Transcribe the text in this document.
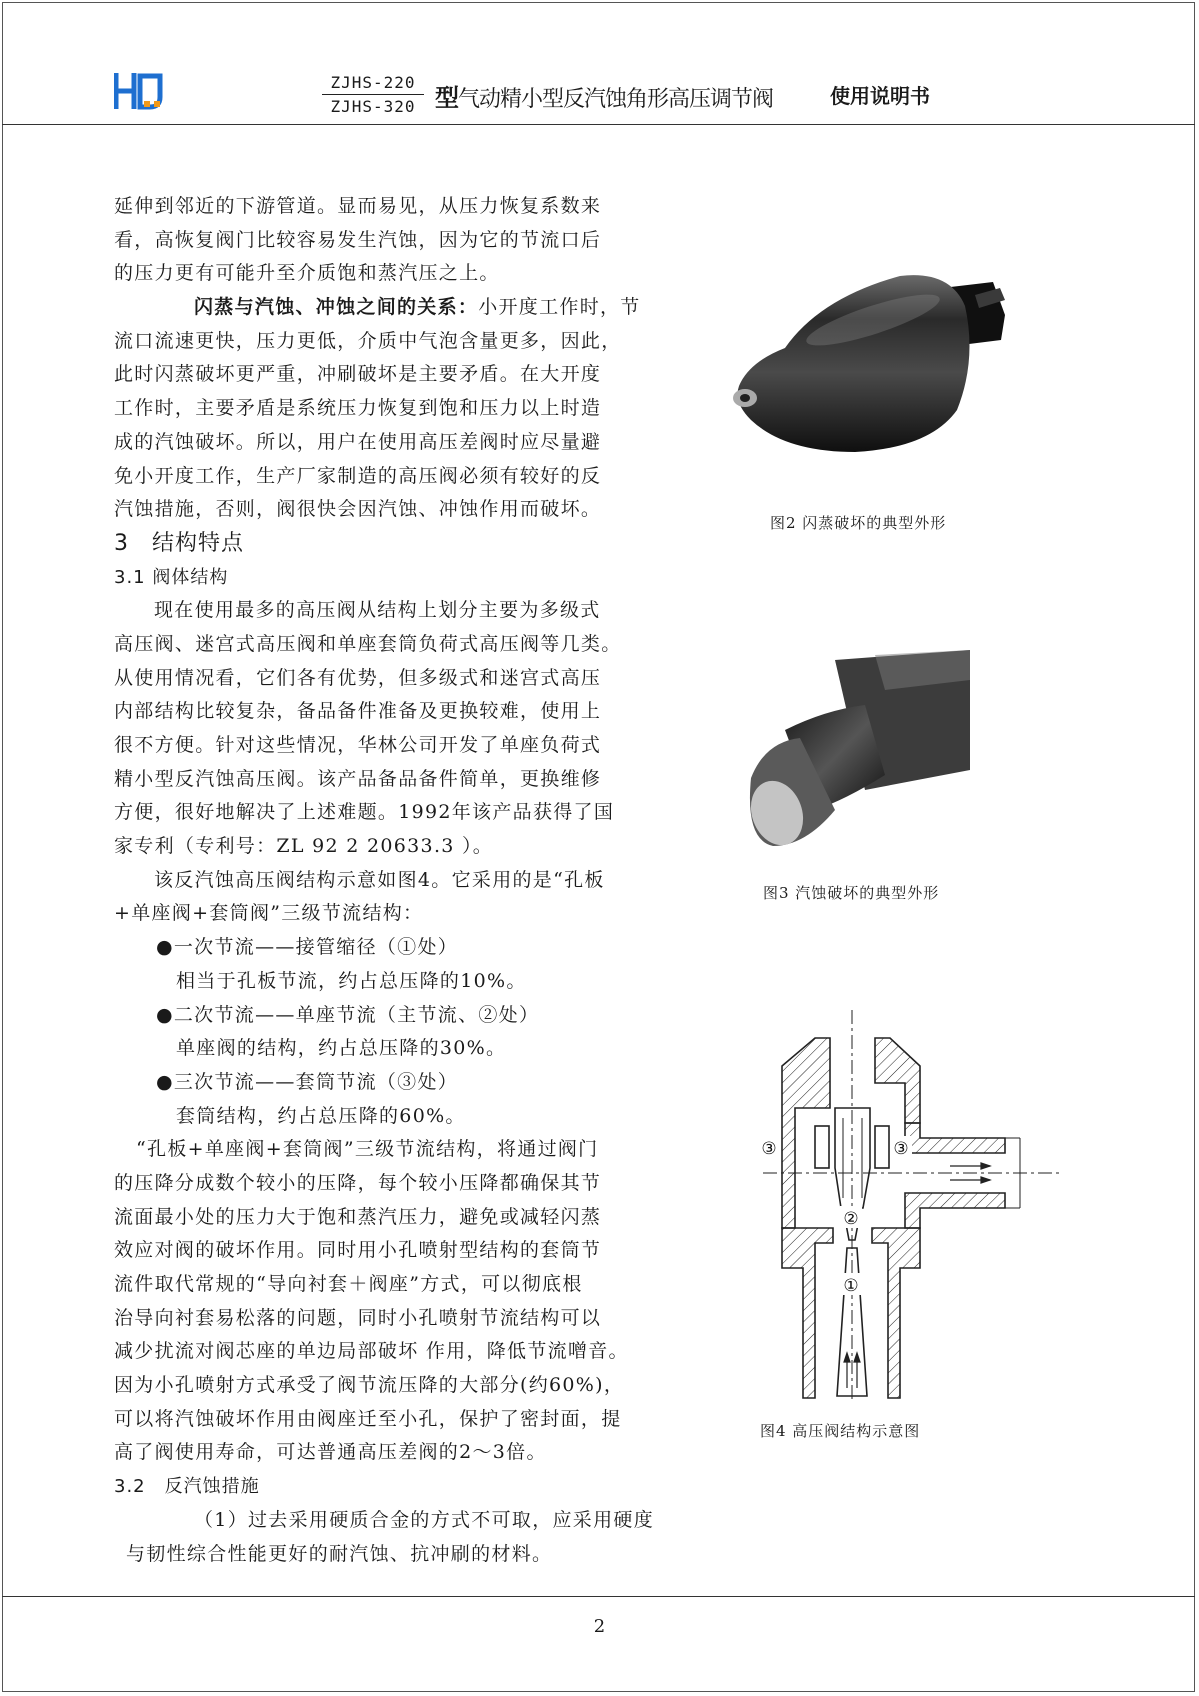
ZJHS-220
ZJHS-320 型气动精小型反汽蚀角形高压调节阀	使用说明书
延伸到邻近的下游管道。显而易见，从压力恢复系数来
看，高恢复阀门比较容易发生汽蚀，因为它的节流口后
的压力更有可能升至介质饱和蒸汽压之上。
闪蒸与汽蚀、冲蚀之间的关系：小开度工作时，节
流口流速更快，压力更低，介质中气泡含量更多，因此，
此时闪蒸破坏更严重，冲刷破坏是主要矛盾。在大开度
工作时，主要矛盾是系统压力恢复到饱和压力以上时造
成的汽蚀破坏。所以，用户在使用高压差阀时应尽量避
免小开度工作，生产厂家制造的高压阀必须有较好的反
汽蚀措施，否则，阀很快会因汽蚀、冲蚀作用而破坏。
3　结构特点
3.1 阀体结构
现在使用最多的高压阀从结构上划分主要为多级式
高压阀、迷宫式高压阀和单座套筒负荷式高压阀等几类。
从使用情况看，它们各有优势，但多级式和迷宫式高压
内部结构比较复杂，备品备件准备及更换较难，使用上
很不方便。针对这些情况，华林公司开发了单座负荷式
精小型反汽蚀高压阀。该产品备品备件简单，更换维修
方便，很好地解决了上述难题。1992年该产品获得了国
家专利（专利号：ZL 92 2 20633.3 ）。
该反汽蚀高压阀结构示意如图4。它采用的是“孔板
+单座阀+套筒阀”三级节流结构：
●一次节流——接管缩径（①处）
相当于孔板节流，约占总压降的10%。
●二次节流——单座节流（主节流、②处）
单座阀的结构，约占总压降的30%。
●三次节流——套筒节流（③处）
套筒结构，约占总压降的60%。
“孔板+单座阀+套筒阀”三级节流结构，将通过阀门
的压降分成数个较小的压降，每个较小压降都确保其节
流面最小处的压力大于饱和蒸汽压力，避免或减轻闪蒸
效应对阀的破坏作用。同时用小孔喷射型结构的套筒节
流件取代常规的“导向衬套＋阀座”方式，可以彻底根
治导向衬套易松落的问题，同时小孔喷射节流结构可以
减少扰流对阀芯座的单边局部破坏 作用，降低节流噌音。
因为小孔喷射方式承受了阀节流压降的大部分(约60%)，
可以将汽蚀破坏作用由阀座迁至小孔，保护了密封面，提
高了阀使用寿命，可达普通高压差阀的2～3倍。
3.2　反汽蚀措施
（1）过去采用硬质合金的方式不可取，应采用硬度
与韧性综合性能更好的耐汽蚀、抗冲刷的材料。
图2 闪蒸破坏的典型外形
图3 汽蚀破坏的典型外形
③	③
②
①
图4 高压阀结构示意图
2
